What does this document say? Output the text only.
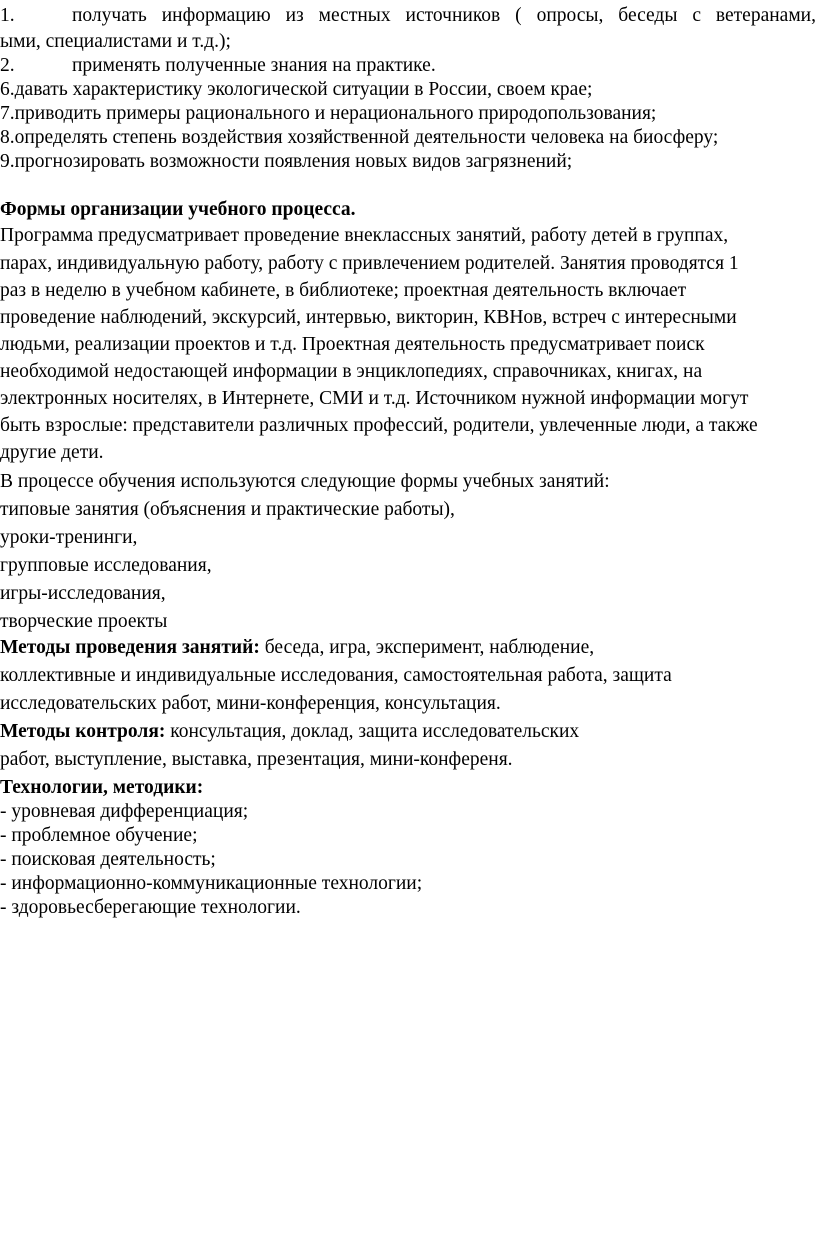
1.	получать информацию из местных источников ( опросы, беседы с ветеранами,
ыми, специалистами и т.д.);
2.	применять полученные знания на практике.
6.давать характеристику экологической ситуации в России, своем крае;
7.приводить примеры рационального и нерационального природопользования;
8.определять степень воздействия хозяйственной деятельности человека на биосферу;
9.прогнозировать возможности появления новых видов загрязнений;
Формы организации учебного процесса.
Программа предусматривает проведение внеклассных занятий, работу детей в группах,
парах, индивидуальную работу, работу с привлечением родителей. Занятия проводятся 1
раз в неделю в учебном кабинете, в библиотеке; проектная деятельность включает
проведение наблюдений, экскурсий, интервью, викторин, КВНов, встреч с интересными
людьми, реализации проектов и т.д. Проектная деятельность предусматривает поиск
необходимой недостающей информации в энциклопедиях, справочниках, книгах, на
электронных носителях, в Интернете, СМИ и т.д. Источником нужной информации могут
быть взрослые: представители различных профессий, родители, увлеченные люди, а также
другие дети.
В процессе обучения используются следующие формы учебных занятий:
типовые занятия (объяснения и практические работы),
уроки-тренинги,
групповые исследования,
игры-исследования,
творческие проекты
Методы проведения занятий: беседа, игра, эксперимент, наблюдение,
коллективные и индивидуальные исследования, самостоятельная работа, защита
исследовательских работ, мини-конференция, консультация.
Методы контроля: консультация, доклад, защита исследовательских
работ, выступление, выставка, презентация, мини-конференя.
Технологии, методики:
- уровневая дифференциация;
- проблемное обучение;
- поисковая деятельность;
- информационно-коммуникационные технологии;
- здоровьесберегающие технологии.
